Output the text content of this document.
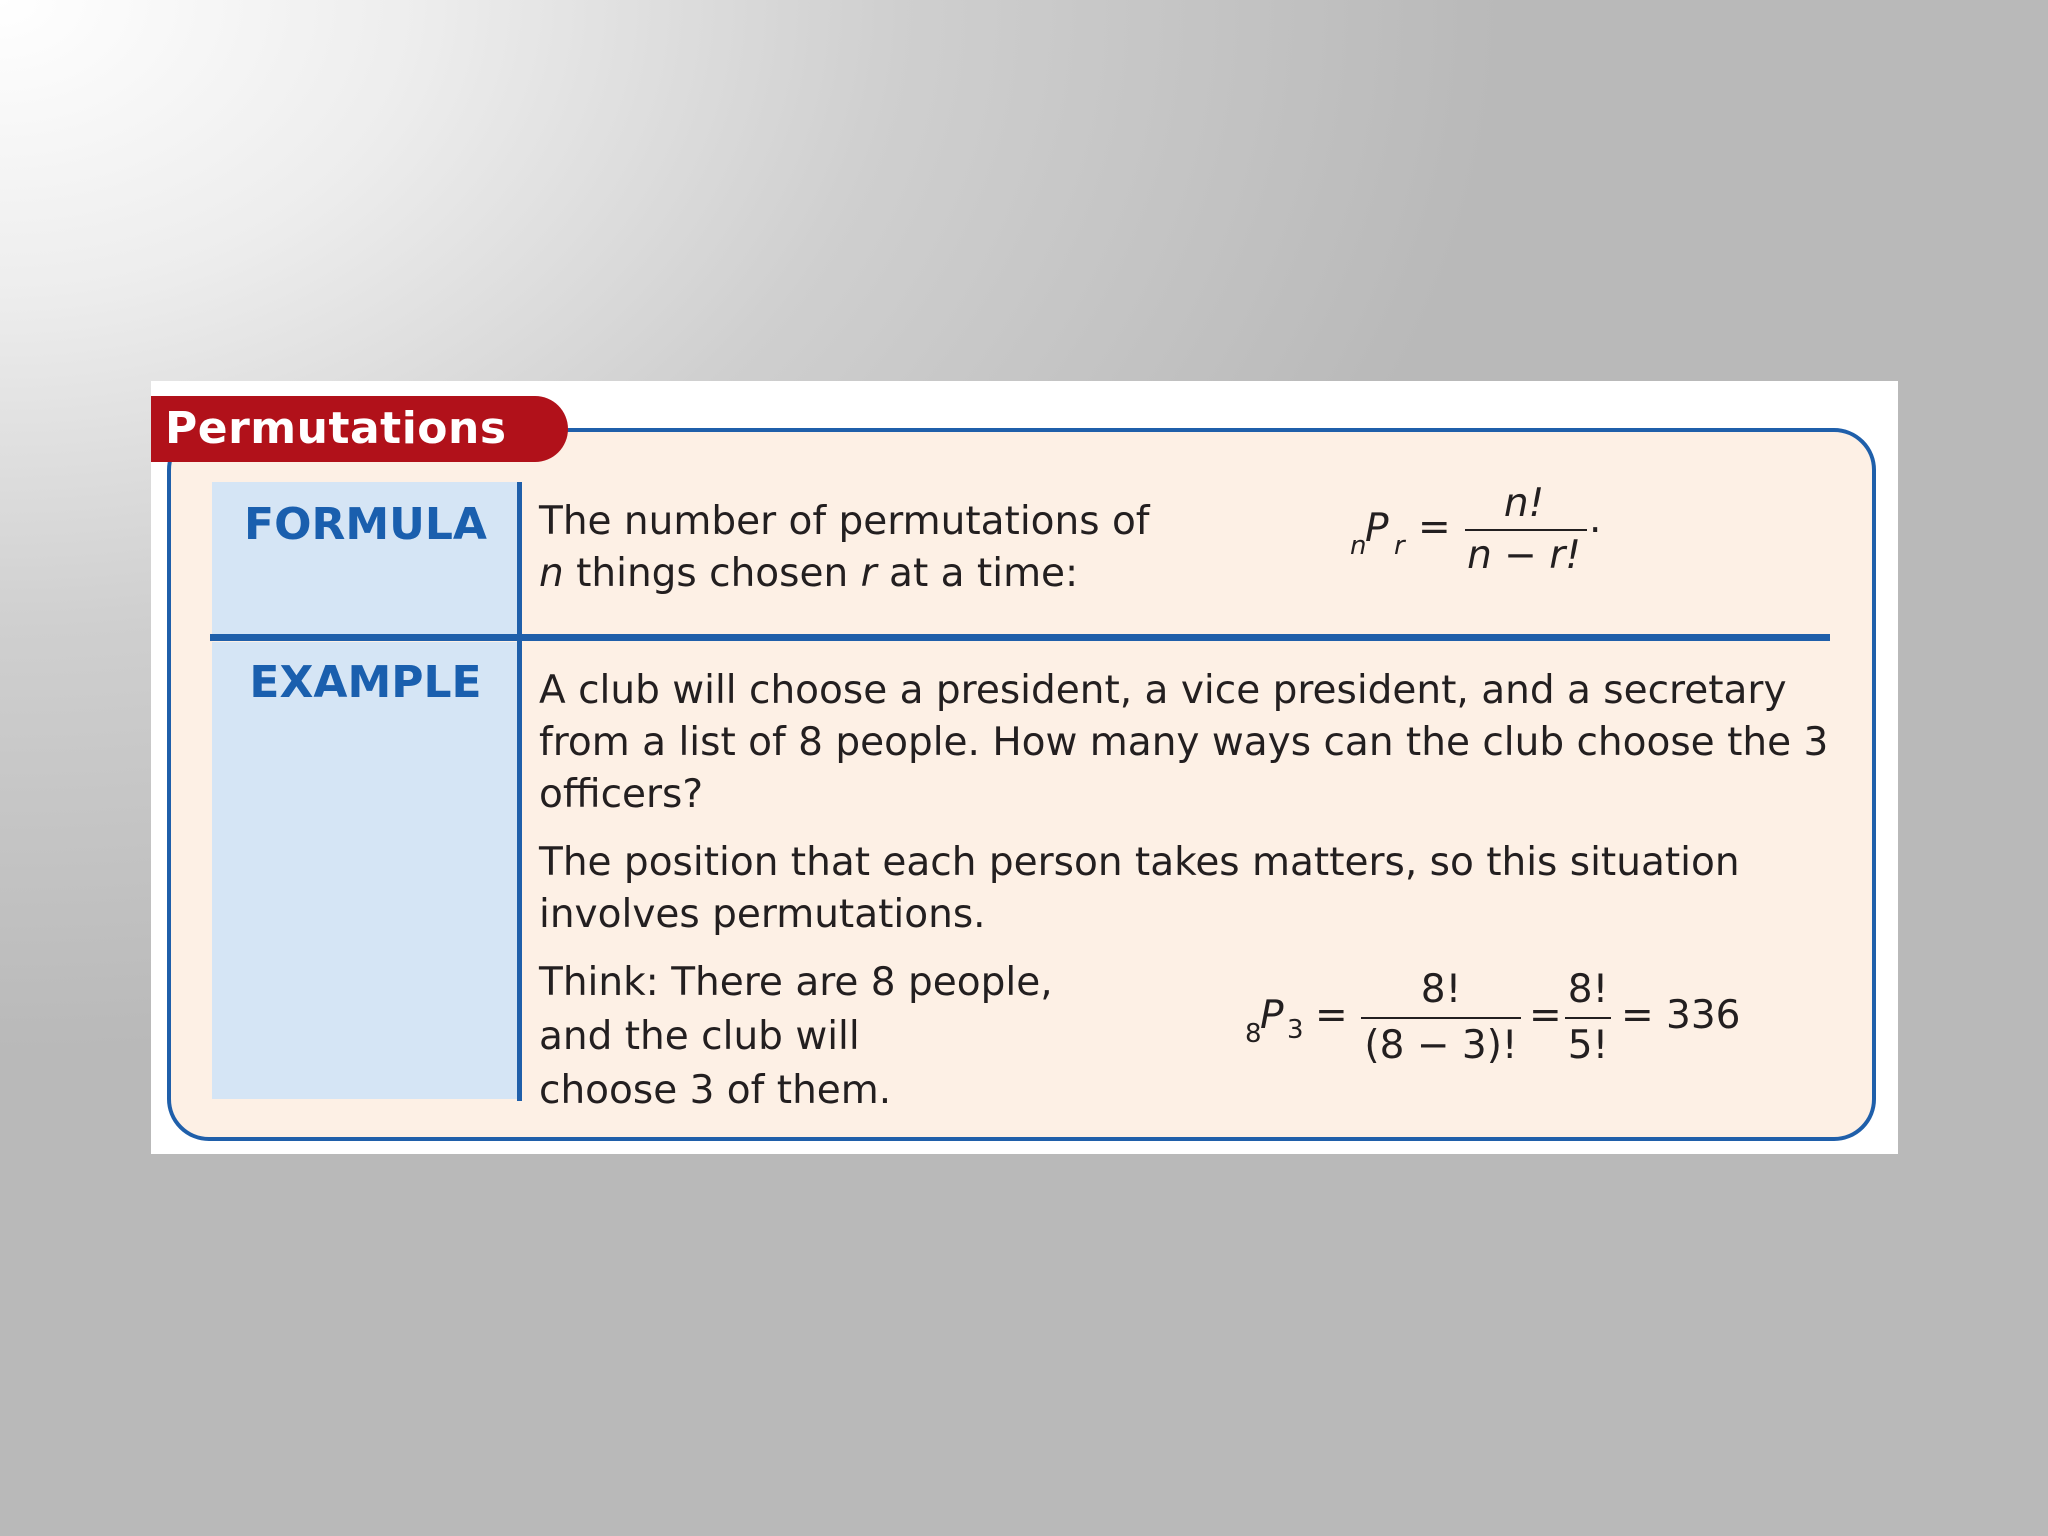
Permutations
FORMULA
EXAMPLE
The number of permutations of
n things chosen r at a time:
n
P r =
n!
n − r!
.

A club will choose a president, a vice president, and a secretary from a list of 8 people. How many ways can the club choose the 3 officers?

The position that each person takes matters, so this situation involves permutations.

Think: There are 8 people,
and the club will
choose 3 of them.
8
P 3 =
8!
(8 − 3)!
=
8!
5!
= 336
